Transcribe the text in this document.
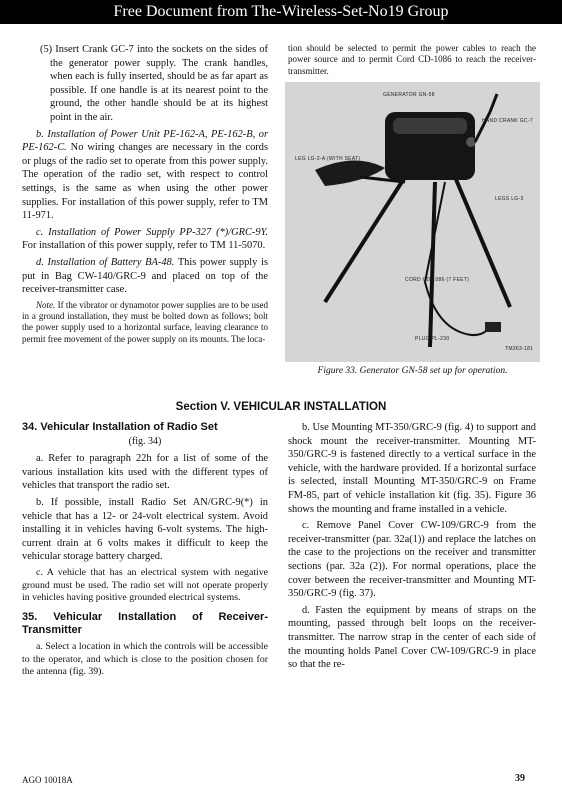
Free Document from The-Wireless-Set-No19 Group

(5) Insert Crank GC-7 into the sockets on the sides of the generator power supply. The crank handles, when each is fully inserted, should be as far apart as possible. If one handle is at its nearest point to the ground, the other handle should be at its highest point in the air.

b. Installation of Power Unit PE-162-A, PE-162-B, or PE-162-C. No wiring changes are necessary in the cords or plugs of the radio set to operate from this power supply. The operation of the radio set, with respect to control settings, is the same as when using the other power supplies. For installation of this power supply, refer to TM 11-971.

c. Installation of Power Supply PP-327 (*)/GRC-9Y. For installation of this power supply, refer to TM 11-5070.

d. Installation of Battery BA-48. This power supply is put in Bag CW-140/GRC-9 and placed on top of the receiver-transmitter case.

Note. If the vibrator or dynamotor power supplies are to be used in a ground installation, they must be bolted down as follows; bolt the power supply used to a horizontal surface, leaving clearance to permit free movement of the power supply on its mounts. The loca-

tion should be selected to permit the power cables to reach the power source and to permit Cord CD-1086 to reach the receiver-transmitter.

GENERATOR GN-58
HAND CRANK GC-7
LEG LG-2-A (WITH SEAT)
LEGS LG-3
CORD CD-1086 (7 FEET)
PLUG PL-230
TM263-181
Figure 33. Generator GN-58 set up for operation.
Section V. VEHICULAR INSTALLATION
34. Vehicular Installation of Radio Set
(fig. 34)

a. Refer to paragraph 22h for a list of some of the various installation kits used with the different types of vehicles that transport the radio set.

b. If possible, install Radio Set AN/GRC-9(*) in vehicle that has a 12- or 24-volt electrical system. Avoid installing it in vehicles having 6-volt systems. The high-current drain at 6 volts makes it difficult to keep the vehicular storage battery charged.

c. A vehicle that has an electrical system with negative ground must be used. The radio set will not operate properly in vehicles having positive grounded electrical systems.

35. Vehicular Installation of Receiver-Transmitter

a. Select a location in which the controls will be accessible to the operator, and which is close to the position chosen for the antenna (fig. 39).

b. Use Mounting MT-350/GRC-9 (fig. 4) to support and shock mount the receiver-transmitter. Mounting MT-350/GRC-9 is fastened directly to a vertical surface in the vehicle, with the hardware provided. If a horizontal surface is selected, install Mounting MT-350/GRC-9 on Frame FM-85, part of vehicle installation kit (fig. 35). Figure 36 shows the mounting and frame installed in a vehicle.

c. Remove Panel Cover CW-109/GRC-9 from the receiver-transmitter (par. 32a(1)) and replace the latches on the case to the projections on the receiver and transmitter sections (par. 32a (2)). For normal operations, place the cover between the receiver-transmitter and Mounting MT-350/GRC-9 (fig. 37).

d. Fasten the equipment by means of straps on the mounting, passed through belt loops on the receiver-transmitter. The narrow strap in the center of each side of the mounting holds Panel Cover CW-109/GRC-9 in place so that the re-

AGO 10018A	39
